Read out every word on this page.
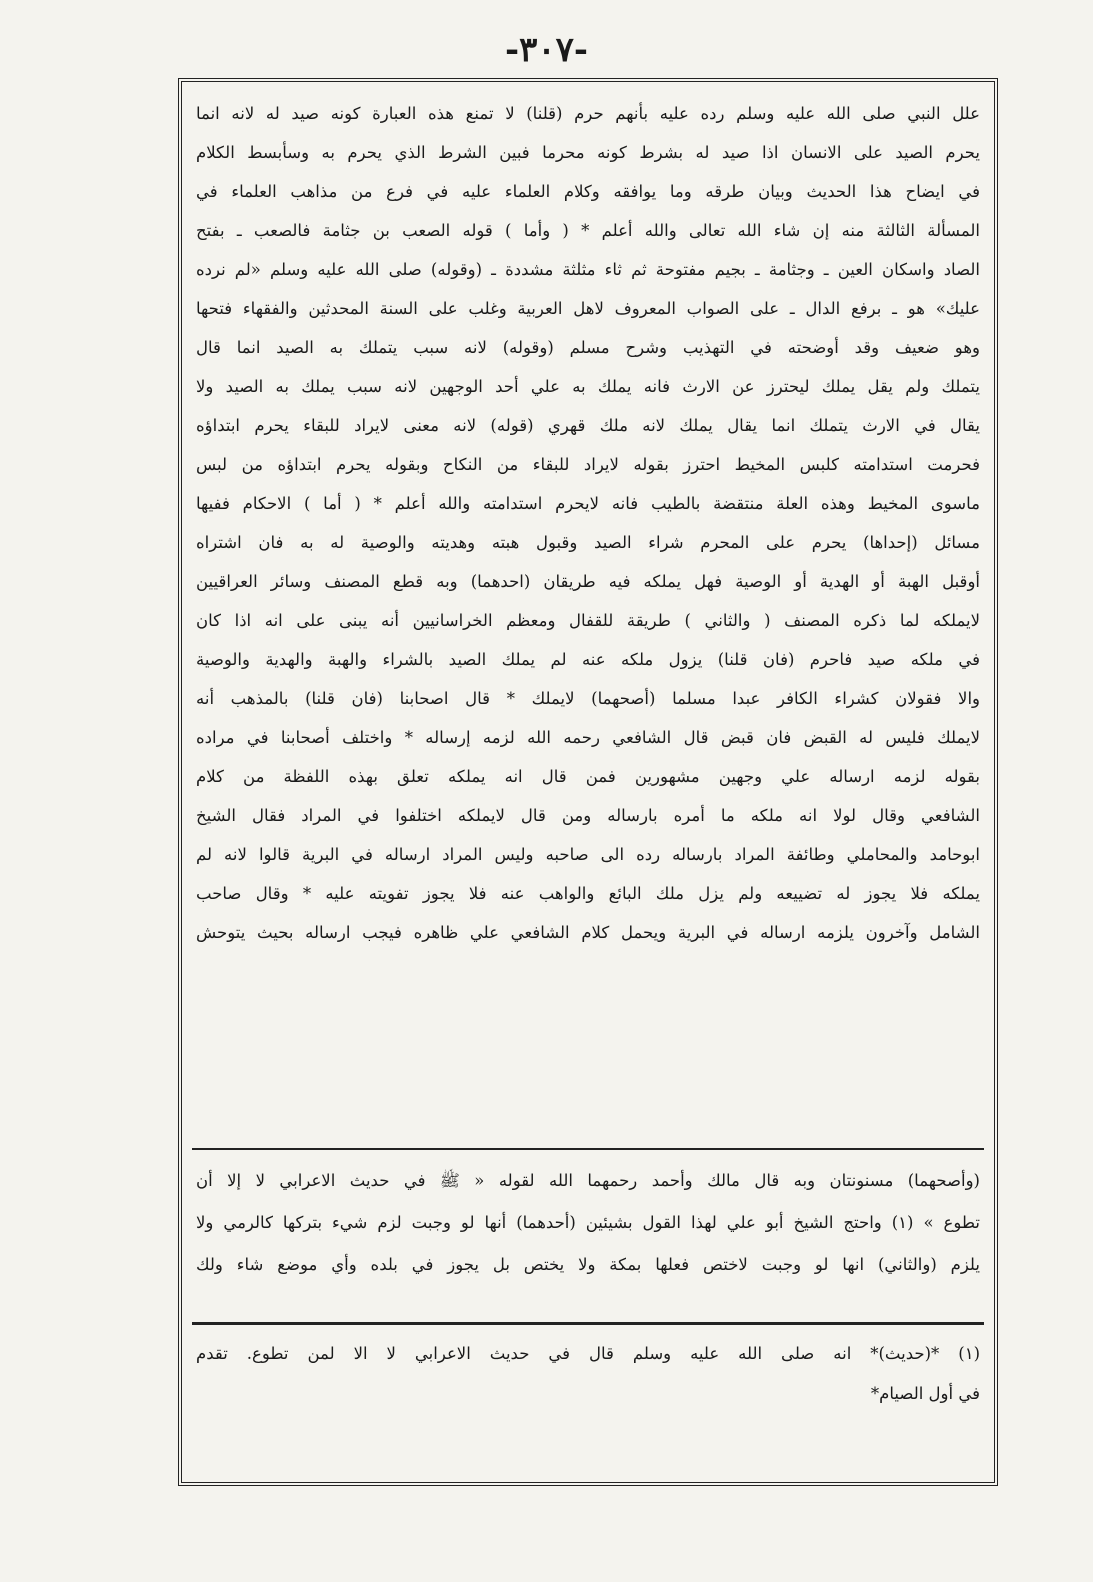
-٣٠٧-
علل النبي صلى الله عليه وسلم رده عليه بأنهم حرم (قلنا) لا تمنع هذه العبارة كونه صيد له لانه انما
يحرم الصيد على الانسان اذا صيد له بشرط كونه محرما فبين الشرط الذي يحرم به وسأبسط الكلام
في ايضاح هذا الحديث وبيان طرقه وما يوافقه وكلام العلماء عليه في فرع من مذاهب العلماء في
المسألة الثالثة منه إن شاء الله تعالى والله أعلم * ( وأما ) قوله الصعب بن جثامة فالصعب ـ بفتح
الصاد واسكان العين ـ وجثامة ـ بجيم مفتوحة ثم ثاء مثلثة مشددة ـ (وقوله) صلى الله عليه وسلم «لم نرده
عليك» هو ـ برفع الدال ـ على الصواب المعروف لاهل العربية وغلب على السنة المحدثين والفقهاء فتحها
وهو ضعيف وقد أوضحته في التهذيب وشرح مسلم (وقوله) لانه سبب يتملك به الصيد انما قال
يتملك ولم يقل يملك ليحترز عن الارث فانه يملك به علي أحد الوجهين لانه سبب يملك به الصيد ولا
يقال في الارث يتملك انما يقال يملك لانه ملك قهري (قوله) لانه معنى لايراد للبقاء يحرم ابتداؤه
فحرمت استدامته كلبس المخيط احترز بقوله لايراد للبقاء من النكاح وبقوله يحرم ابتداؤه من لبس
ماسوى المخيط وهذه العلة منتقضة بالطيب فانه لايحرم استدامته والله أعلم * ( أما ) الاحكام ففيها
مسائل (إحداها) يحرم على المحرم شراء الصيد وقبول هبته وهديته والوصية له به فان اشتراه
أوقبل الهبة أو الهدية أو الوصية فهل يملكه فيه طريقان (احدهما) وبه قطع المصنف وسائر العراقيين
لايملكه لما ذكره المصنف ( والثاني ) طريقة للقفال ومعظم الخراسانيين أنه يبنى على انه اذا كان
في ملكه صيد فاحرم (فان قلنا) يزول ملكه عنه لم يملك الصيد بالشراء والهبة والهدية والوصية
والا فقولان كشراء الكافر عبدا مسلما (أصحهما) لايملك * قال اصحابنا (فان قلنا) بالمذهب أنه
لايملك فليس له القبض فان قبض قال الشافعي رحمه الله لزمه إرساله * واختلف أصحابنا في مراده
بقوله لزمه ارساله علي وجهين مشهورين فمن قال انه يملكه تعلق بهذه اللفظة من كلام
الشافعي وقال لولا انه ملكه ما أمره بارساله ومن قال لايملكه اختلفوا في المراد فقال الشيخ
ابوحامد والمحاملي وطائفة المراد بارساله رده الى صاحبه وليس المراد ارساله في البرية قالوا لانه لم
يملكه فلا يجوز له تضييعه ولم يزل ملك البائع والواهب عنه فلا يجوز تفويته عليه * وقال صاحب
الشامل وآخرون يلزمه ارساله في البرية ويحمل كلام الشافعي علي ظاهره فيجب ارساله بحيث يتوحش
(وأصحهما) مسنونتان وبه قال مالك وأحمد رحمهما الله لقوله « ﷺ في حديث الاعرابي لا إلا أن
تطوع » (١) واحتج الشيخ أبو علي لهذا القول بشيئين (أحدهما) أنها لو وجبت لزم شيء بتركها كالرمي ولا
يلزم (والثاني) انها لو وجبت لاختص فعلها بمكة ولا يختص بل يجوز في بلده وأي موضع شاء ولك
(١) *(حديث)* انه صلى الله عليه وسلم قال في حديث الاعرابي لا الا لمن تطوع. تقدم
في أول الصيام*
